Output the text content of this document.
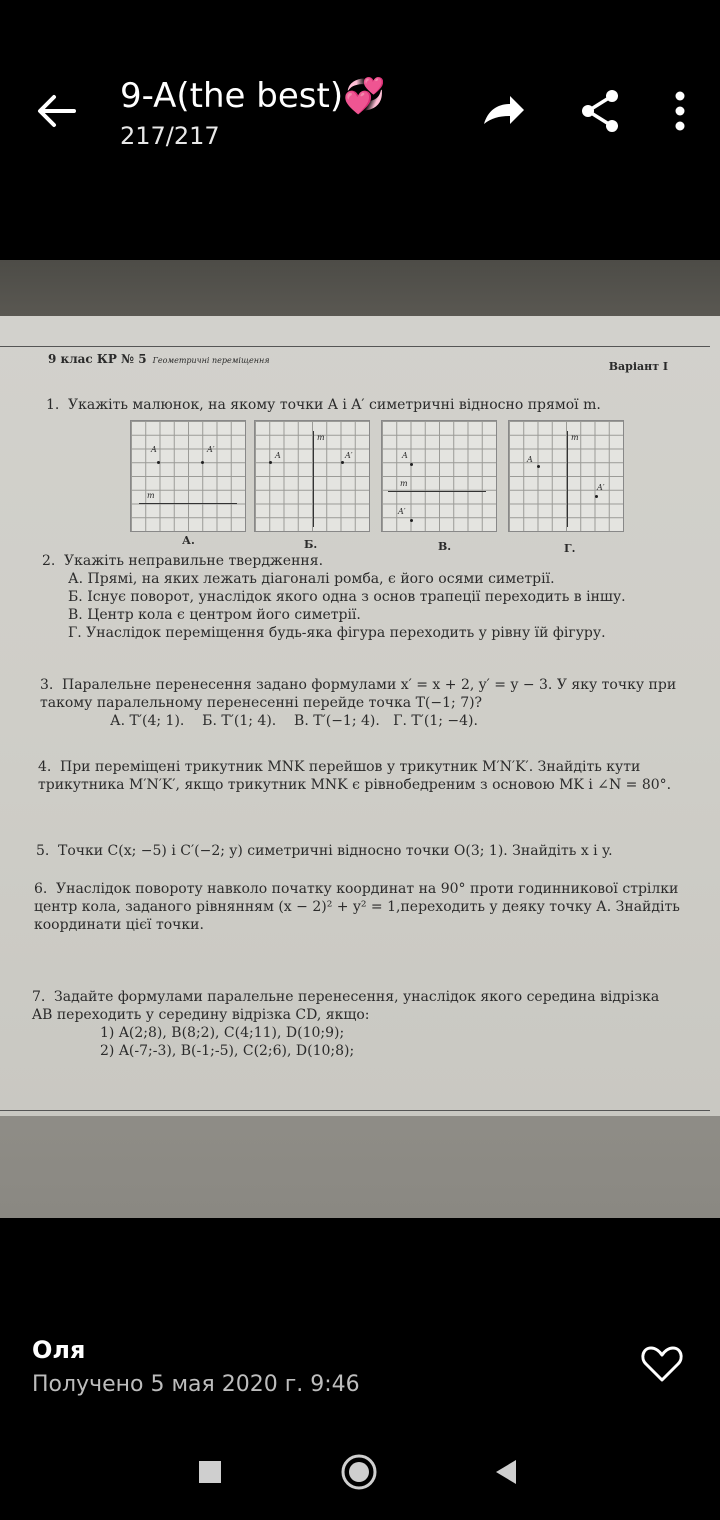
9-A(the best)💞
217/217
9 клас КР № 5 Геометричні переміщення	Варіант I
1. Укажіть малюнок, на якому точки A і A′ симетричні відносно прямої m.
A	A′
m
m
A	A′	A
m
A′
m
A
A′
А.	Б.	В.	Г.
2. Укажіть неправильне твердження.
А. Прямі, на яких лежать діагоналі ромба, є його осями симетрії.
Б. Існує поворот, унаслідок якого одна з основ трапеції переходить в іншу.
В. Центр кола є центром його симетрії.
Г. Унаслідок переміщення будь-яка фігура переходить у рівну їй фігуру.
3. Паралельне перенесення задано формулами x′ = x + 2, y′ = y − 3. У яку точку при такому паралельному перенесенні перейде точка T(−1; 7)?
А. T′(4; 1).    Б. T′(1; 4).    В. T′(−1; 4).   Г. T′(1; −4).
4. При переміщені трикутник MNK перейшов у трикутник M′N′K′. Знайдіть кути трикутника M′N′K′, якщо трикутник MNK є рівнобедреним з основою MK і ∠N = 80°.
5. Точки C(x; −5) і C′(−2; y) симетричні відносно точки O(3; 1). Знайдіть x і y.
6. Унаслідок повороту навколо початку координат на 90° проти годинникової стрілки центр кола, заданого рівнянням (x − 2)² + y² = 1,переходить у деяку точку А. Знайдіть координати цієї точки.
7. Задайте формулами паралельне перенесення, унаслідок якого середина відрізка AB переходить у середину відрізка CD, якщо:
1) A(2;8), B(8;2), C(4;11), D(10;9);
2) A(-7;-3), B(-1;-5), C(2;6), D(10;8);
Оля
Получено 5 мая 2020 г. 9:46
